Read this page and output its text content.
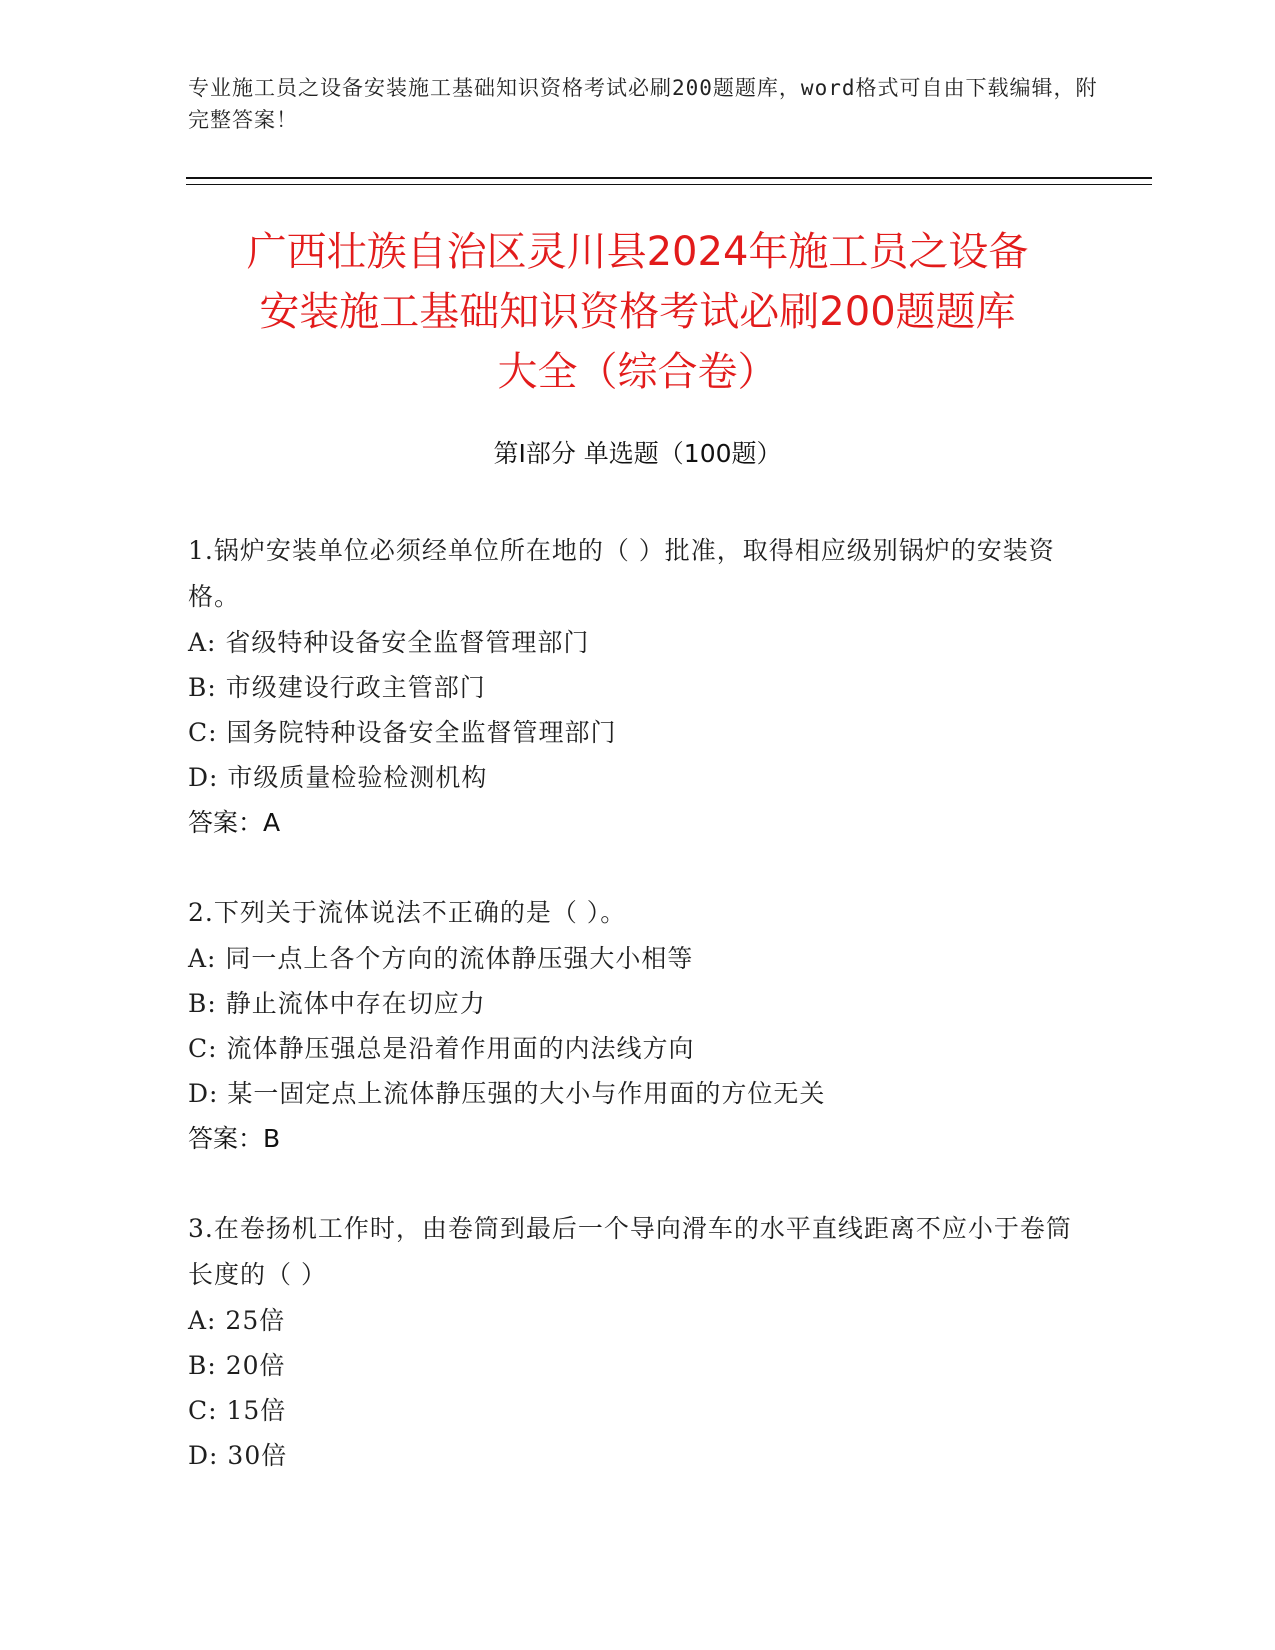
专业施工员之设备安装施工基础知识资格考试必刷200题题库，word格式可自由下载编辑，附完整答案！
广西壮族自治区灵川县2024年施工员之设备
安装施工基础知识资格考试必刷200题题库
大全（综合卷）
第I部分 单选题（100题）
1.锅炉安装单位必须经单位所在地的（ ）批准，取得相应级别锅炉的安装资格。
A: 省级特种设备安全监督管理部门
B: 市级建设行政主管部门
C: 国务院特种设备安全监督管理部门
D: 市级质量检验检测机构
答案：A
2.下列关于流体说法不正确的是（ ）。
A: 同一点上各个方向的流体静压强大小相等
B: 静止流体中存在切应力
C: 流体静压强总是沿着作用面的内法线方向
D: 某一固定点上流体静压强的大小与作用面的方位无关
答案：B
3.在卷扬机工作时，由卷筒到最后一个导向滑车的水平直线距离不应小于卷筒长度的（ ）
A: 25倍
B: 20倍
C: 15倍
D: 30倍
